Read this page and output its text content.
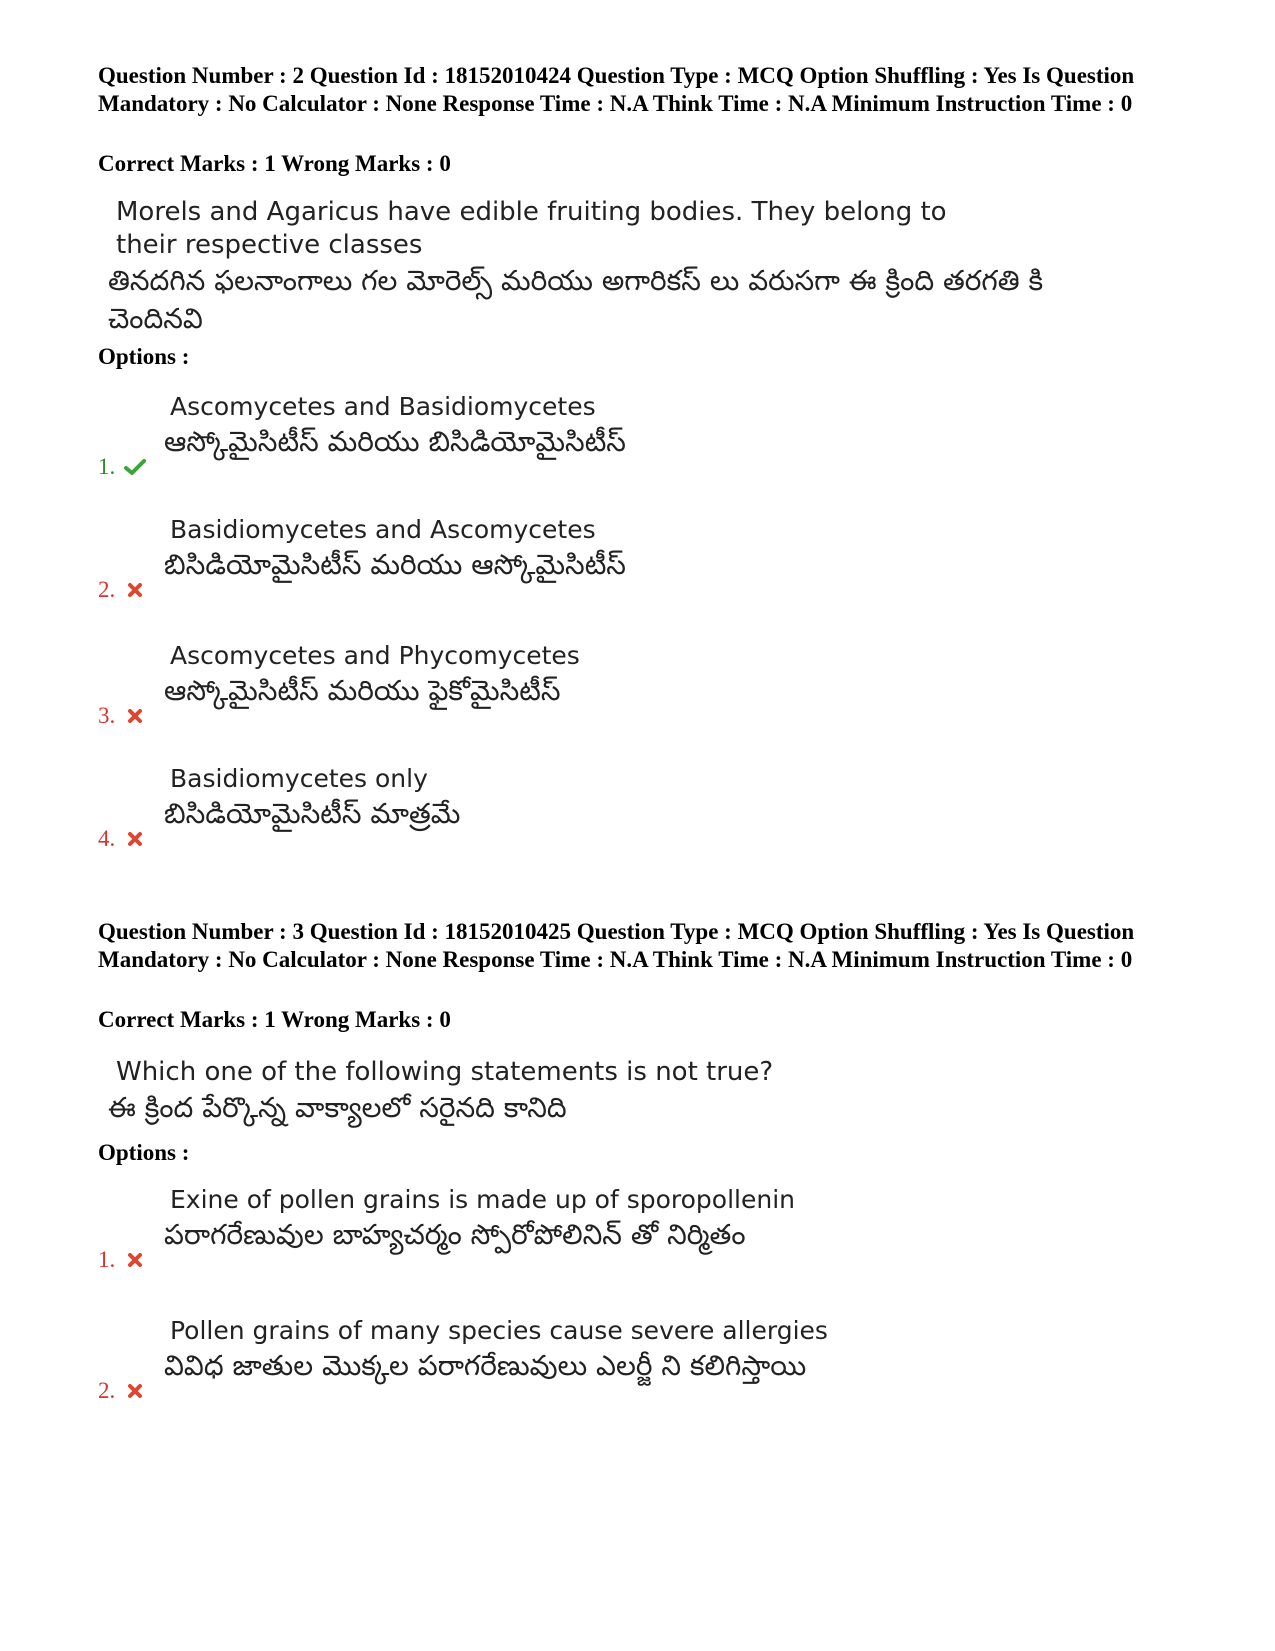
Question Number : 2 Question Id : 18152010424 Question Type : MCQ Option Shuffling : Yes Is Question Mandatory : No Calculator : None Response Time : N.A Think Time : N.A Minimum Instruction Time : 0
Correct Marks : 1 Wrong Marks : 0
Morels and Agaricus have edible fruiting bodies. They belong to their respective classes
తినదగిన ఫలనాంగాలు గల మోరెల్స్ మరియు అగారికస్ లు వరుసగా ఈ క్రింది తరగతి కి చెందినవి
Options :
1.
Ascomycetes and Basidiomycetes
ఆస్కోమైసిటీస్ మరియు బిసిడియోమైసిటీస్
2.
Basidiomycetes and Ascomycetes
బిసిడియోమైసిటీస్ మరియు ఆస్కోమైసిటీస్
3.
Ascomycetes and Phycomycetes
ఆస్కోమైసిటీస్ మరియు ఫైకోమైసిటీస్
4.
Basidiomycetes only
బిసిడియోమైసిటీస్ మాత్రమే
Question Number : 3 Question Id : 18152010425 Question Type : MCQ Option Shuffling : Yes Is Question Mandatory : No Calculator : None Response Time : N.A Think Time : N.A Minimum Instruction Time : 0
Correct Marks : 1 Wrong Marks : 0
Which one of the following statements is not true?
ఈ క్రింద పేర్కొన్న వాక్యాలలో సరైనది కానిది
Options :
1.
Exine of pollen grains is made up of sporopollenin
పరాగరేణువుల బాహ్యచర్మం స్పోరోపోలినిన్ తో నిర్మితం
2.
Pollen grains of many species cause severe allergies
వివిధ జాతుల మొక్కల పరాగరేణువులు ఎలర్జీ ని కలిగిస్తాయి
